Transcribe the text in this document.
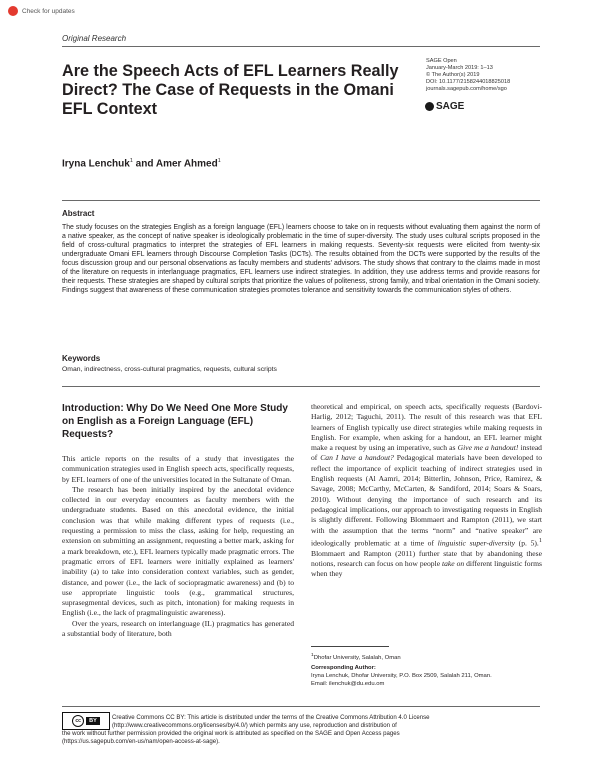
Check for updates
Original Research
Are the Speech Acts of EFL Learners Really Direct? The Case of Requests in the Omani EFL Context
SAGE Open
January-March 2019: 1–13
© The Author(s) 2019
DOI: 10.1177/2158244018825018
journals.sagepub.com/home/sgo
SAGE
Iryna Lenchuk$^1$ and Amer Ahmed$^1$
Abstract
The study focuses on the strategies English as a foreign language (EFL) learners choose to take on in requests without evaluating them against the norm of a native speaker, as the concept of native speaker is ideologically problematic in the time of super-diversity. The study uses cultural scripts proposed in the field of cross-cultural pragmatics to interpret the strategies of EFL learners in making requests. Seventy-six requests were elicited from twenty-six undergraduate Omani EFL learners through Discourse Completion Tasks (DCTs). The results obtained from the DCTs were supported by the results of the focus discussion group and our personal observations as faculty members and students' advisors. The study shows that contrary to the claims made in most of the literature on requests in interlanguage pragmatics, EFL learners use indirect strategies. In addition, they use address terms and provide reasons for their requests. These strategies are shaped by cultural scripts that prioritize the values of politeness, strong family, and tribal orientation in the Omani society. Findings suggest that awareness of these communication strategies promotes tolerance and sensitivity towards the communication styles of others.
Keywords
Oman, indirectness, cross-cultural pragmatics, requests, cultural scripts
Introduction: Why Do We Need One More Study on English as a Foreign Language (EFL) Requests?

This article reports on the results of a study that investigates the communication strategies used in English speech acts, specifically requests, by EFL learners of one of the universities located in the Sultanate of Oman.

The research has been initially inspired by the anecdotal evidence collected in our everyday encounters as faculty members with the undergraduate students. Based on this anecdotal evidence, the initial conclusion was that while making different types of requests (i.e., requesting a permission to miss the class, asking for help, requesting an extension on submitting an assignment, requesting a better mark, asking for a mark breakdown, etc.), EFL learners typically made pragmatic errors. The pragmatic errors of EFL learners were initially explained as learners' inability (a) to take into consideration context variables, such as gender, distance, and power (i.e., the lack of sociopragmatic awareness) and (b) to use appropriate linguistic tools (e.g., grammatical structures, suprasegmental devices, such as pitch, intonation) for making requests in English (i.e., the lack of pragmalinguistic awareness).

Over the years, research on interlanguage (IL) pragmatics has generated a substantial body of literature, both

theoretical and empirical, on speech acts, specifically requests (Bardovi-Harlig, 2012; Taguchi, 2011). The result of this research was that EFL learners of English typically use direct strategies while making requests in English. For example, when asking for a handout, an EFL learner might make a request by using an imperative, such as Give me a handout! instead of Can I have a handout? Pedagogical materials have been developed to reflect the importance of explicit teaching of indirect strategies used in English requests (Al Aamri, 2014; Bitterlin, Johnson, Price, Ramirez, & Savage, 2008; McCarthy, McCarten, & Sandiford, 2014; Soars & Soars, 2010). Without denying the importance of such research and its pedagogical implications, our approach to investigating requests in English is slightly different. Following Blommaert and Rampton (2011), we start with the assumption that the terms “norm” and “native speaker” are ideologically problematic at a time of linguistic super-diversity (p. 5).$^1$ Blommaert and Rampton (2011) further state that by abandoning these notions, research can focus on how people take on different linguistic forms when they

$^1$Dhofar University, Salalah, Oman
Corresponding Author:
Iryna Lenchuk, Dhofar University, P.O. Box 2509, Salalah 211, Oman.
Email: ilenchuk@du.edu.om
cc	BY	Creative Commons CC BY: This article is distributed under the terms of the Creative Commons Attribution 4.0 License
(http://www.creativecommons.org/licenses/by/4.0/) which permits any use, reproduction and distribution of
the work without further permission provided the original work is attributed as specified on the SAGE and Open Access pages
(https://us.sagepub.com/en-us/nam/open-access-at-sage).
